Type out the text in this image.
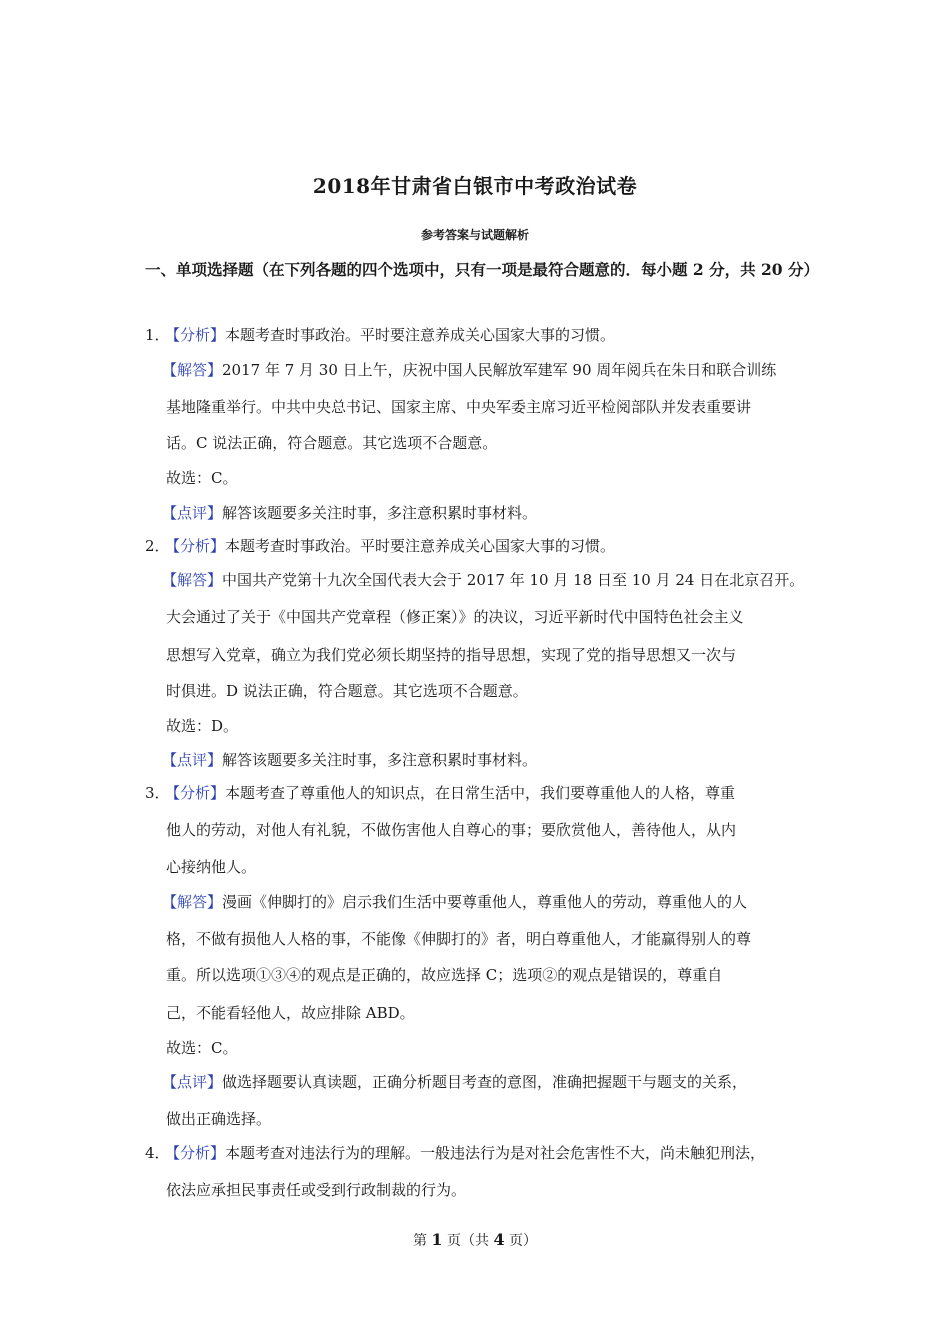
2018年甘肃省白银市中考政治试卷
参考答案与试题解析
一、单项选择题（在下列各题的四个选项中，只有一项是最符合题意的．每小题 2 分，共 20 分）
1．
【分析】本题考查时事政治。平时要注意养成关心国家大事的习惯。
【解答】2017 年 7 月 30 日上午，庆祝中国人民解放军建军 90 周年阅兵在朱日和联合训练
基地隆重举行。中共中央总书记、国家主席、中央军委主席习近平检阅部队并发表重要讲
话。C 说法正确，符合题意。其它选项不合题意。
故选：C。
【点评】解答该题要多关注时事，多注意积累时事材料。
2．
【分析】本题考查时事政治。平时要注意养成关心国家大事的习惯。
【解答】中国共产党第十九次全国代表大会于 2017 年 10 月 18 日至 10 月 24 日在北京召开。
大会通过了关于《中国共产党章程（修正案）》的决议，习近平新时代中国特色社会主义
思想写入党章，确立为我们党必须长期坚持的指导思想，实现了党的指导思想又一次与
时俱进。D 说法正确，符合题意。其它选项不合题意。
故选：D。
【点评】解答该题要多关注时事，多注意积累时事材料。
3．
【分析】本题考查了尊重他人的知识点，在日常生活中，我们要尊重他人的人格，尊重
他人的劳动，对他人有礼貌，不做伤害他人自尊心的事；要欣赏他人，善待他人，从内
心接纳他人。
【解答】漫画《伸脚打的》启示我们生活中要尊重他人，尊重他人的劳动，尊重他人的人
格，不做有损他人人格的事，不能像《伸脚打的》者，明白尊重他人，才能赢得别人的尊
重。所以选项①③④的观点是正确的，故应选择 C；选项②的观点是错误的，尊重自
己，不能看轻他人，故应排除 ABD。
故选：C。
【点评】做选择题要认真读题，正确分析题目考查的意图，准确把握题干与题支的关系，
做出正确选择。
4．
【分析】本题考查对违法行为的理解。一般违法行为是对社会危害性不大，尚未触犯刑法，
依法应承担民事责任或受到行政制裁的行为。
第 1 页（共 4 页）
